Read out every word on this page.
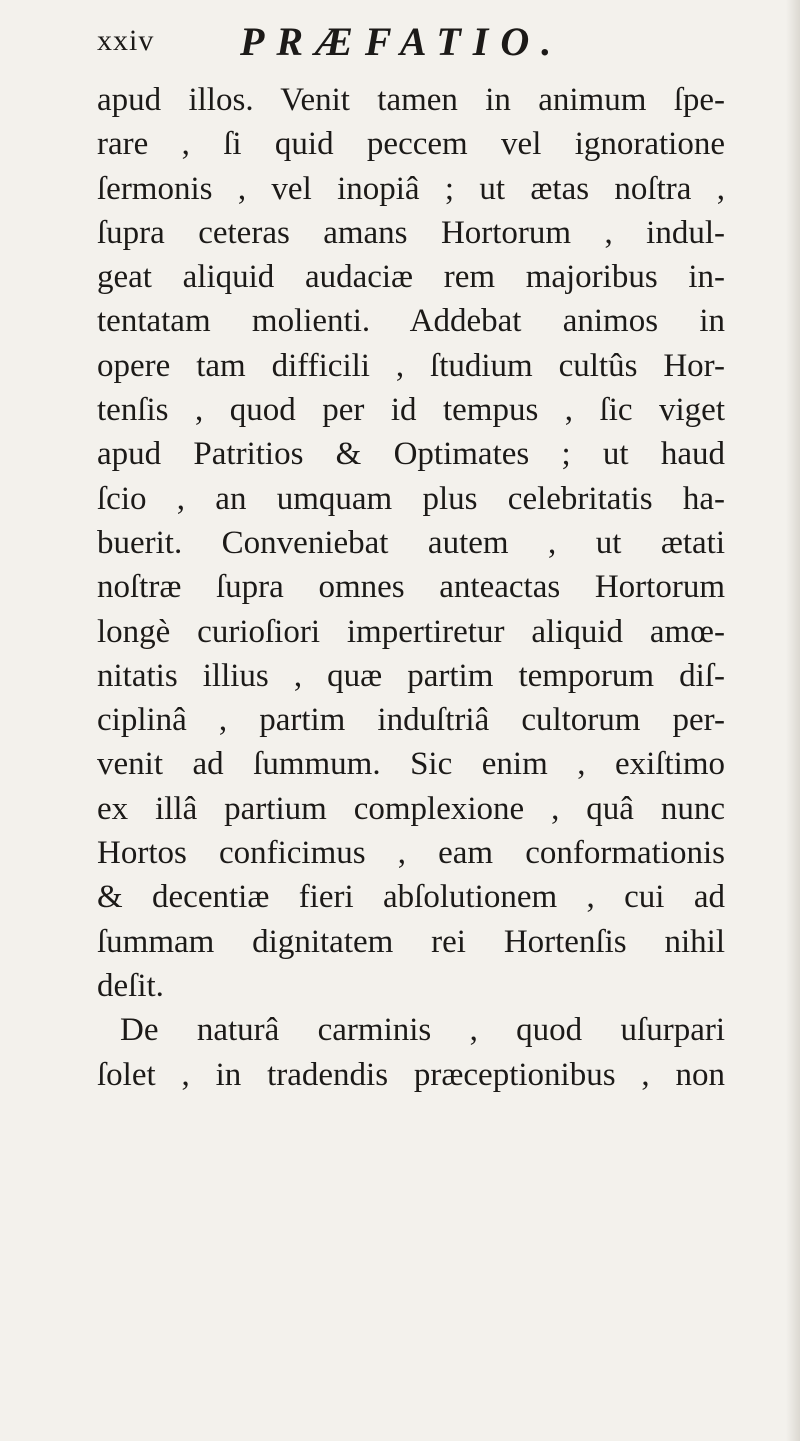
xxiv PRÆFATIO.
apud illos. Venit tamen in animum ſpe-
rare , ſi quid peccem vel ignoratione
ſermonis , vel inopiâ ; ut ætas noſtra ,
ſupra ceteras amans Hortorum , indul-
geat aliquid audaciæ rem majoribus in-
tentatam molienti. Addebat animos in
opere tam difficili , ſtudium cultûs Hor-
tenſis , quod per id tempus , ſic viget
apud Patritios & Optimates ; ut haud
ſcio , an umquam plus celebritatis ha-
buerit. Conveniebat autem , ut ætati
noſtræ ſupra omnes anteactas Hortorum
longè curioſiori impertiretur aliquid amœ-
nitatis illius , quæ partim temporum diſ-
ciplinâ , partim induſtriâ cultorum per-
venit ad ſummum. Sic enim , exiſtimo
ex illâ partium complexione , quâ nunc
Hortos conficimus , eam conformationis
& decentiæ fieri abſolutionem , cui ad
ſummam dignitatem rei Hortenſis nihil
deſit.
De naturâ carminis , quod uſurpari
ſolet , in tradendis præceptionibus , non
